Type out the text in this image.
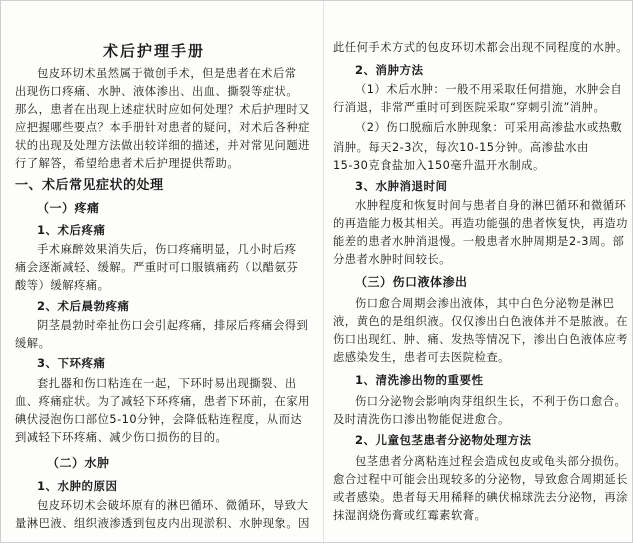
术后护理手册
包皮环切术虽然属于微创手术，但是患者在术后常
出现伤口疼痛、水肿、液体渗出、出血、撕裂等症状。
那么，患者在出现上述症状时应如何处理？术后护理时又
应把握哪些要点？本手册针对患者的疑问，对术后各种症
状的出现及处理方法做出较详细的描述，并对常见问题进
行了解答，希望给患者术后护理提供帮助。
一、术后常见症状的处理
（一）疼痛
1、术后疼痛
手术麻醉效果消失后，伤口疼痛明显，几小时后疼
痛会逐渐减轻、缓解。严重时可口服镇痛药（以醋氨芬
酸等）缓解疼痛。
2、术后晨勃疼痛
阴茎晨勃时牵扯伤口会引起疼痛，排尿后疼痛会得到
缓解。
3、下环疼痛
套扎器和伤口粘连在一起，下环时易出现撕裂、出
血、疼痛症状。为了减轻下环疼痛，患者下环前，在家用
碘伏浸泡伤口部位5-10分钟，会降低粘连程度，从而达
到减轻下环疼痛、减少伤口损伤的目的。
（二）水肿
1、水肿的原因
包皮环切术会破坏原有的淋巴循环、微循环，导致大
量淋巴液、组织液渗透到包皮内出现淤积、水肿现象。因
此任何手术方式的包皮环切术都会出现不同程度的水肿。
2、消肿方法
（1）术后水肿：一般不用采取任何措施，水肿会自
行消退，非常严重时可到医院采取“穿刺引流”消肿。
（2）伤口脱痂后水肿现象：可采用高渗盐水或热敷
消肿。每天2-3次，每次10-15分钟。高渗盐水由
15-30克食盐加入150毫升温开水制成。
3、水肿消退时间
水肿程度和恢复时间与患者自身的淋巴循环和微循环
的再造能力极其相关。再造功能强的患者恢复快，再造功
能差的患者水肿消退慢。一般患者水肿周期是2-3周。部
分患者水肿时间较长。
（三）伤口液体渗出
伤口愈合周期会渗出液体，其中白色分泌物是淋巴
液，黄色的是组织液。仅仅渗出白色液体并不是脓液。在
伤口出现红、肿、痛、发热等情况下，渗出白色液体应考
虑感染发生，患者可去医院检查。
1、清洗渗出物的重要性
伤口分泌物会影响肉芽组织生长，不利于伤口愈合。
及时清洗伤口渗出物能促进愈合。
2、儿童包茎患者分泌物处理方法
包茎患者分离粘连过程会造成包皮或龟头部分损伤。
愈合过程中可能会出现较多的分泌物，导致愈合周期延长
或者感染。患者每天用稀释的碘伏棉球洗去分泌物，再涂
抹湿润烧伤膏或红霉素软膏。
